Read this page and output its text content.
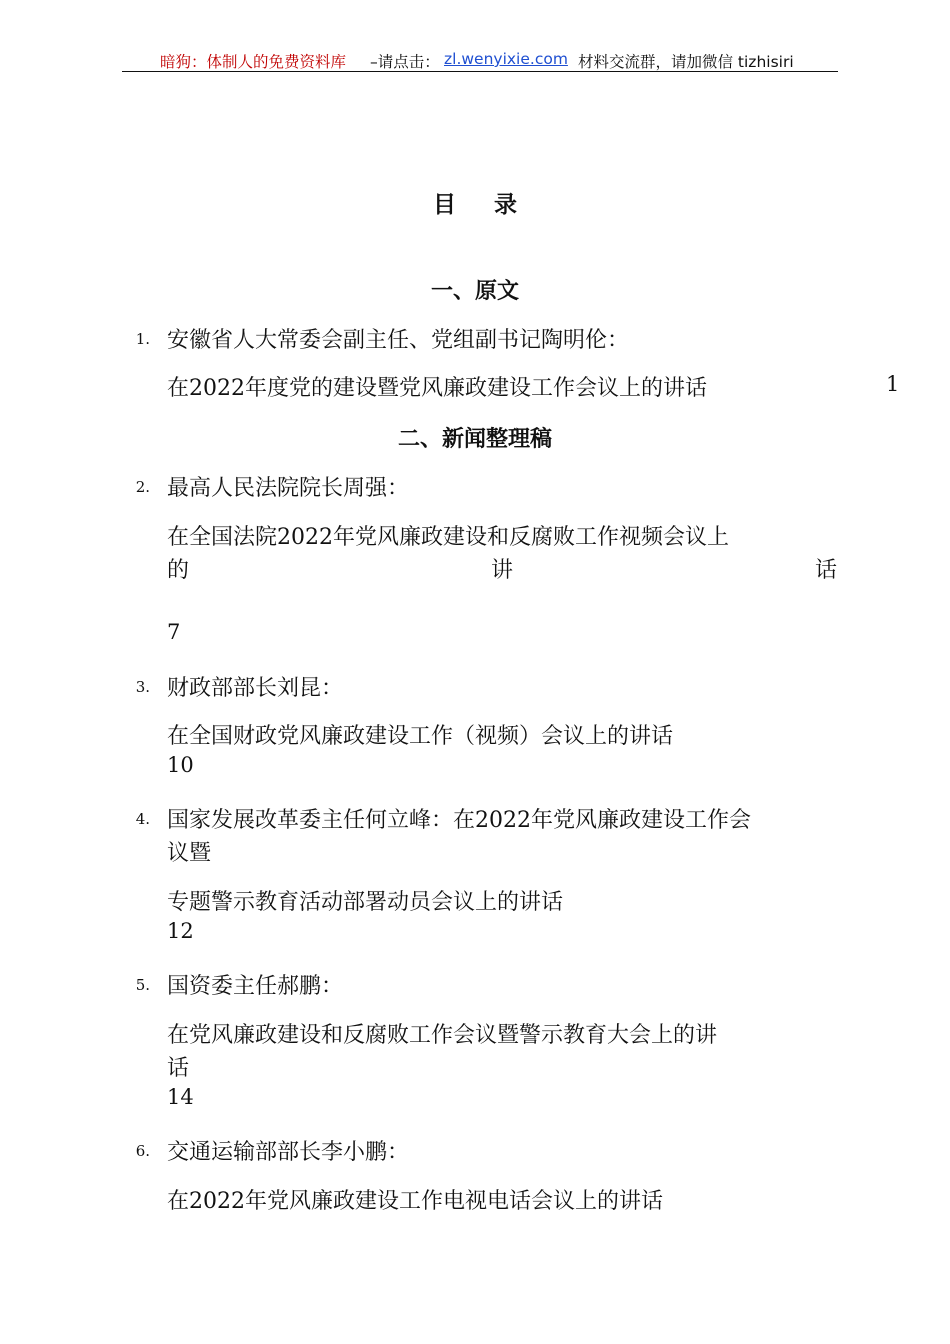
暗狗：体制人的免费资料库 –请点击： zl.wenyixie.com 材料交流群，请加微信 tizhisiri
目录
一、原文
1. 安徽省人大常委会副主任、党组副书记陶明伦：
在2022年度党的建设暨党风廉政建设工作会议上的讲话	1
二、新闻整理稿
2. 最高人民法院院长周强：
在全国法院2022年党风廉政建设和反腐败工作视频会议上
的	讲	话
7
3. 财政部部长刘昆：
在全国财政党风廉政建设工作（视频）会议上的讲话
10
4. 国家发展改革委主任何立峰：在2022年党风廉政建设工作会
议暨
专题警示教育活动部署动员会议上的讲话
12
5. 国资委主任郝鹏：
在党风廉政建设和反腐败工作会议暨警示教育大会上的讲
话
14
6. 交通运输部部长李小鹏：
在2022年党风廉政建设工作电视电话会议上的讲话
